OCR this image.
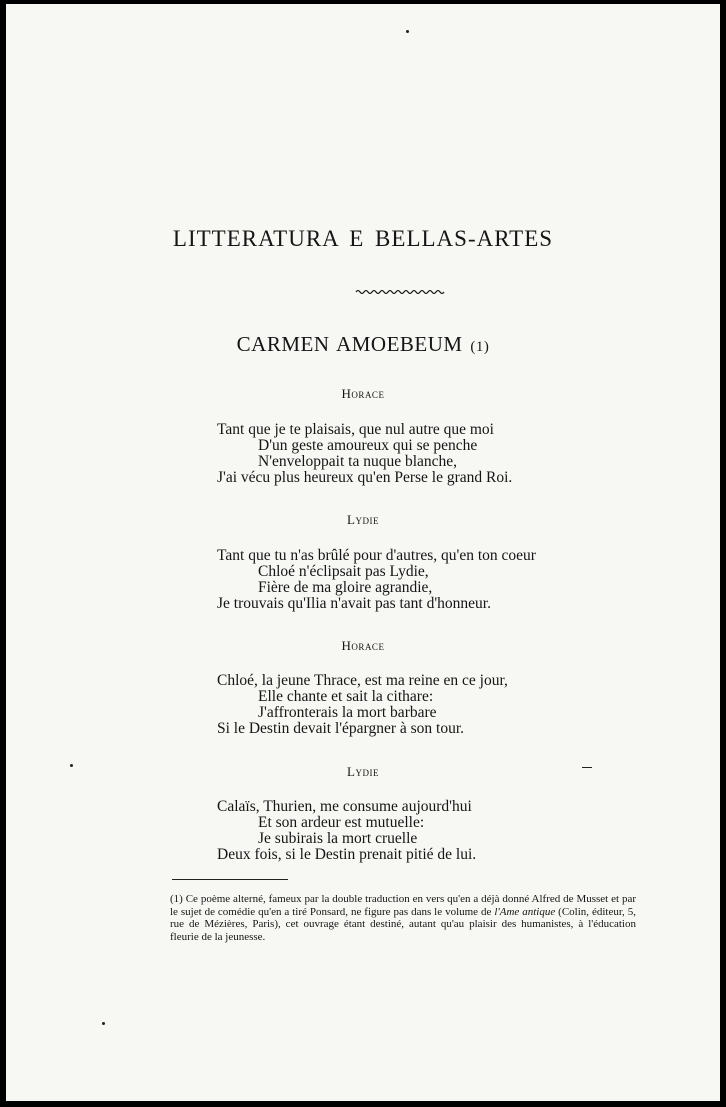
LITTERATURA E BELLAS-ARTES
CARMEN AMOEBEUM (1)
Horace
Tant que je te plaisais, que nul autre que moi
D'un geste amoureux qui se penche
N'enveloppait ta nuque blanche,
J'ai vécu plus heureux qu'en Perse le grand Roi.
Lydie
Tant que tu n'as brûlé pour d'autres, qu'en ton coeur
Chloé n'éclipsait pas Lydie,
Fière de ma gloire agrandie,
Je trouvais qu'Ilia n'avait pas tant d'honneur.
Horace
Chloé, la jeune Thrace, est ma reine en ce jour,
Elle chante et sait la cithare:
J'affronterais la mort barbare
Si le Destin devait l'épargner à son tour.
Lydie
Calaïs, Thurien, me consume aujourd'hui
Et son ardeur est mutuelle:
Je subirais la mort cruelle
Deux fois, si le Destin prenait pitié de lui.
(1) Ce poème alterné, fameux par la double traduction en vers qu'en a déjà donné Alfred de Musset et par le sujet de comédie qu'en a tiré Ponsard, ne figure pas dans le volume de l'Ame antique (Colin, éditeur, 5, rue de Mézières, Paris), cet ouvrage étant destiné, autant qu'au plaisir des humanistes, à l'éducation fleurie de la jeunesse.
